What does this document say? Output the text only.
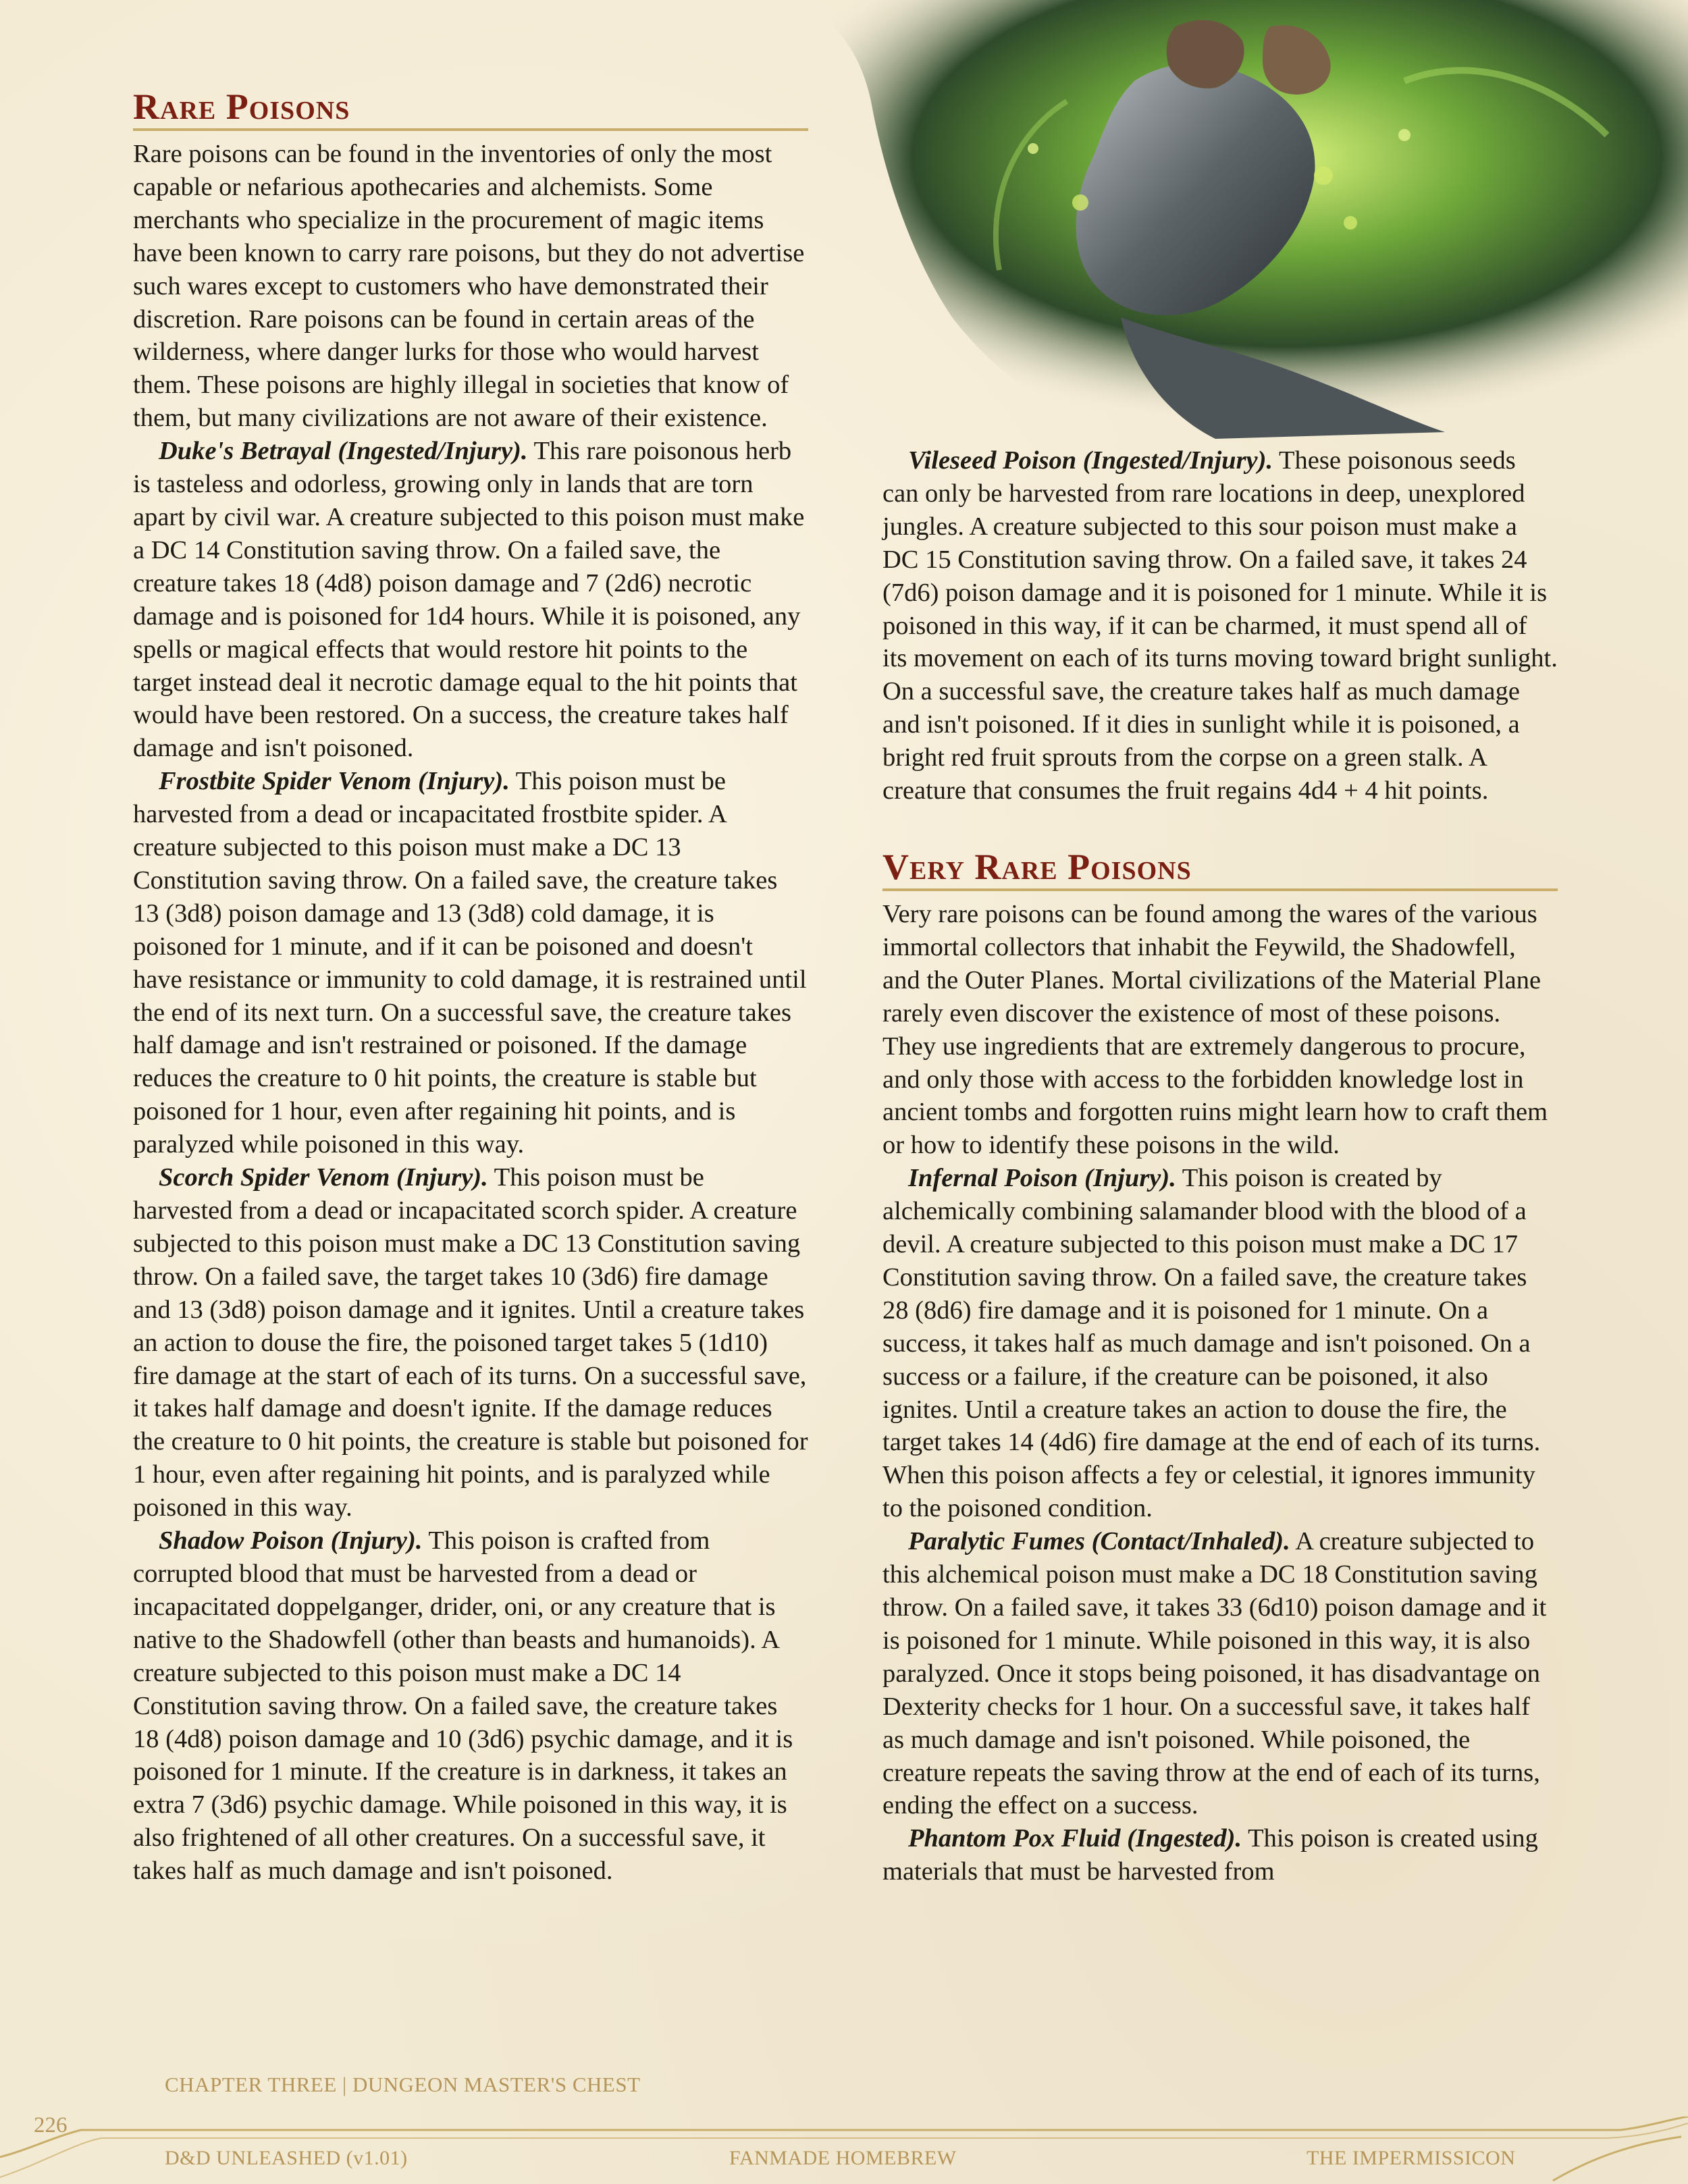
Rare Poisons

Rare poisons can be found in the inventories of only the most capable or nefarious apothecaries and alchemists. Some merchants who specialize in the procurement of magic items have been known to carry rare poisons, but they do not advertise such wares except to customers who have demonstrated their discretion. Rare poisons can be found in certain areas of the wilderness, where danger lurks for those who would harvest them. These poisons are highly illegal in societies that know of them, but many civilizations are not aware of their existence.

Duke's Betrayal (Ingested/Injury). This rare poisonous herb is tasteless and odorless, growing only in lands that are torn apart by civil war. A creature subjected to this poison must make a DC 14 Constitution saving throw. On a failed save, the creature takes 18 (4d8) poison damage and 7 (2d6) necrotic damage and is poisoned for 1d4 hours. While it is poisoned, any spells or magical effects that would restore hit points to the target instead deal it necrotic damage equal to the hit points that would have been restored. On a success, the creature takes half damage and isn't poisoned.

Frostbite Spider Venom (Injury). This poison must be harvested from a dead or incapacitated frostbite spider. A creature subjected to this poison must make a DC 13 Constitution saving throw. On a failed save, the creature takes 13 (3d8) poison damage and 13 (3d8) cold damage, it is poisoned for 1 minute, and if it can be poisoned and doesn't have resistance or immunity to cold damage, it is restrained until the end of its next turn. On a successful save, the creature takes half damage and isn't restrained or poisoned. If the damage reduces the creature to 0 hit points, the creature is stable but poisoned for 1 hour, even after regaining hit points, and is paralyzed while poisoned in this way.

Scorch Spider Venom (Injury). This poison must be harvested from a dead or incapacitated scorch spider. A creature subjected to this poison must make a DC 13 Constitution saving throw. On a failed save, the target takes 10 (3d6) fire damage and 13 (3d8) poison damage and it ignites. Until a creature takes an action to douse the fire, the poisoned target takes 5 (1d10) fire damage at the start of each of its turns. On a successful save, it takes half damage and doesn't ignite. If the damage reduces the creature to 0 hit points, the creature is stable but poisoned for 1 hour, even after regaining hit points, and is paralyzed while poisoned in this way.

Shadow Poison (Injury). This poison is crafted from corrupted blood that must be harvested from a dead or incapacitated doppelganger, drider, oni, or any creature that is native to the Shadowfell (other than beasts and humanoids). A creature subjected to this poison must make a DC 14 Constitution saving throw. On a failed save, the creature takes 18 (4d8) poison damage and 10 (3d6) psychic damage, and it is poisoned for 1 minute. If the creature is in darkness, it takes an extra 7 (3d6) psychic damage. While poisoned in this way, it is also frightened of all other creatures. On a successful save, it takes half as much damage and isn't poisoned.

Vileseed Poison (Ingested/Injury). These poisonous seeds can only be harvested from rare locations in deep, unexplored jungles. A creature subjected to this sour poison must make a DC 15 Constitution saving throw. On a failed save, it takes 24 (7d6) poison damage and it is poisoned for 1 minute. While it is poisoned in this way, if it can be charmed, it must spend all of its movement on each of its turns moving toward bright sunlight. On a successful save, the creature takes half as much damage and isn't poisoned. If it dies in sunlight while it is poisoned, a bright red fruit sprouts from the corpse on a green stalk. A creature that consumes the fruit regains 4d4 + 4 hit points.

Very Rare Poisons

Very rare poisons can be found among the wares of the various immortal collectors that inhabit the Feywild, the Shadowfell, and the Outer Planes. Mortal civilizations of the Material Plane rarely even discover the existence of most of these poisons. They use ingredients that are extremely dangerous to procure, and only those with access to the forbidden knowledge lost in ancient tombs and forgotten ruins might learn how to craft them or how to identify these poisons in the wild.

Infernal Poison (Injury). This poison is created by alchemically combining salamander blood with the blood of a devil. A creature subjected to this poison must make a DC 17 Constitution saving throw. On a failed save, the creature takes 28 (8d6) fire damage and it is poisoned for 1 minute. On a success, it takes half as much damage and isn't poisoned. On a success or a failure, if the creature can be poisoned, it also ignites. Until a creature takes an action to douse the fire, the target takes 14 (4d6) fire damage at the end of each of its turns. When this poison affects a fey or celestial, it ignores immunity to the poisoned condition.

Paralytic Fumes (Contact/Inhaled). A creature subjected to this alchemical poison must make a DC 18 Constitution saving throw. On a failed save, it takes 33 (6d10) poison damage and it is poisoned for 1 minute. While poisoned in this way, it is also paralyzed. Once it stops being poisoned, it has disadvantage on Dexterity checks for 1 hour. On a successful save, it takes half as much damage and isn't poisoned. While poisoned, the creature repeats the saving throw at the end of each of its turns, ending the effect on a success.

Phantom Pox Fluid (Ingested). This poison is created using materials that must be harvested from

CHAPTER THREE | DUNGEON MASTER'S CHEST
226
D&D UNLEASHED (v1.01)	FANMADE HOMEBREW	THE IMPERMISSICON
